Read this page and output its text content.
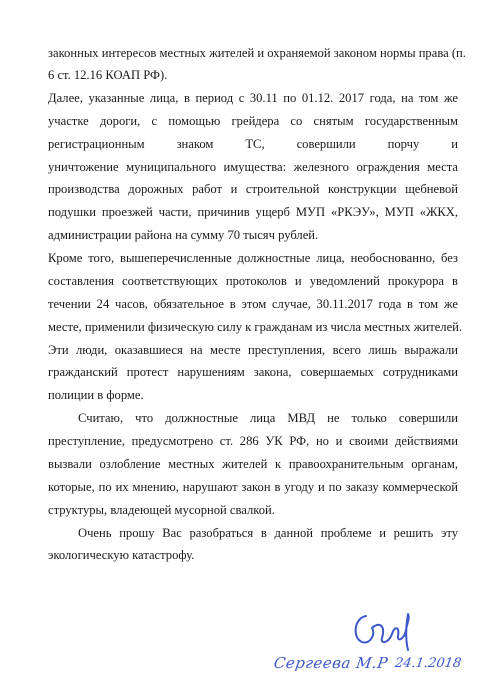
законных интересов местных жителей и охраняемой законом нормы права (п.
6 ст. 12.16 КОАП РФ).
Далее, указанные лица, в период с 30.11 по 01.12. 2017 года, на том же
участке дороги, с помощью грейдера со снятым государственным
регистрационным знаком ТС, совершили порчу и
уничтожение муниципального имущества: железного ограждения места
производства дорожных работ и строительной конструкции щебневой
подушки проезжей части, причинив ущерб МУП «РКЭУ», МУП «ЖКХ,
администрации района на сумму 70 тысяч рублей.
Кроме того, вышеперечисленные должностные лица, необоснованно, без
составления соответствующих протоколов и уведомлений прокурора в
течении 24 часов, обязательное в этом случае, 30.11.2017 года в том же
месте, применили физическую силу к гражданам из числа местных жителей.
Эти люди, оказавшиеся на месте преступления, всего лишь выражали
гражданский протест нарушениям закона, совершаемых сотрудниками
полиции в форме.
Считаю, что должностные лица МВД не только совершили
преступление, предусмотрено ст. 286 УК РФ, но и своими действиями
вызвали озлобление местных жителей к правоохранительным органам,
которые, по их мнению, нарушают закон в угоду и по заказу коммерческой
структуры, владеющей мусорной свалкой.
Очень прошу Вас разобраться в данной проблеме и решить эту
экологическую катастрофу.
Сергеева М.Р 24.1.2018
